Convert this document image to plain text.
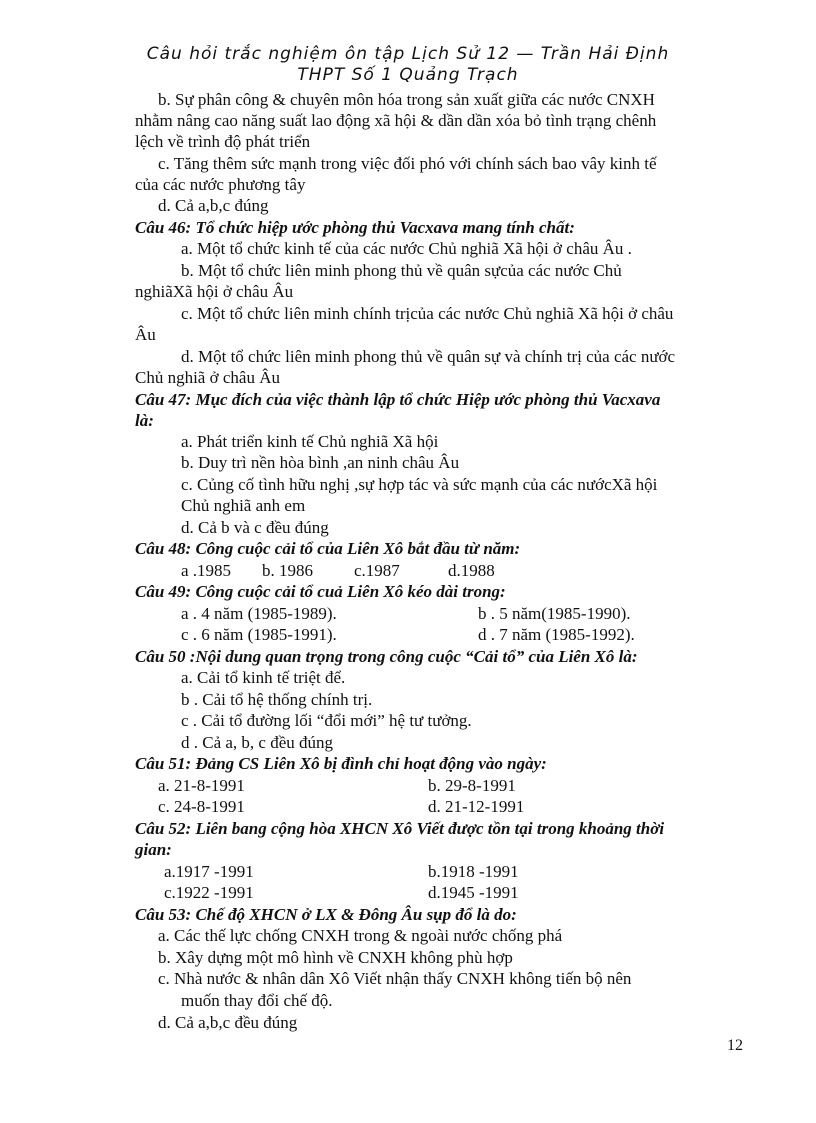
Câu hỏi trắc nghiệm ôn tập Lịch Sử 12 — Trần Hải Định
THPT Số 1 Quảng Trạch
b. Sự phân công & chuyên môn hóa trong sản xuất giữa các nước CNXH
nhằm nâng cao năng suất lao động xã hội & dần dần xóa bỏ tình trạng chênh
lệch về trình độ phát triển
c. Tăng thêm sức mạnh trong việc đối phó với chính sách bao vây kinh tế
của các nước phương tây
d. Cả a,b,c đúng
Câu 46: Tổ chức hiệp ước phòng thủ Vacxava mang tính chất:
a. Một tổ chức kinh tế của các nước Chủ nghiã Xã hội ở châu Âu .
b. Một tổ chức liên minh phong thủ về quân sựcủa các nước Chủ
nghiãXã hội ở châu Âu
c. Một tổ chức liên minh chính trịcủa các nước Chủ nghiã Xã hội ở châu
Âu
d. Một tổ chức liên minh phong thủ về quân sự và chính trị của các nước
Chủ nghiã ở châu Âu
Câu 47: Mục đích của việc thành lập tổ chức Hiệp ước phòng thủ Vacxava
là:
a. Phát triển kinh tế Chủ nghiã Xã hội
b. Duy trì nền hòa bình ,an ninh châu Âu
c. Củng cố tình hữu nghị ,sự hợp tác và sức mạnh của các nướcXã hội
Chủ nghiã anh em
d. Cả b và c đều đúng
Câu 48: Công cuộc cải tổ của Liên Xô bắt đầu từ năm:
a .1985 b. 1986 c.1987	d.1988
Câu 49: Công cuộc cải tổ cuả Liên Xô kéo dài trong:
a . 4 năm (1985-1989).	b . 5 năm(1985-1990).
c . 6 năm (1985-1991).	d . 7 năm (1985-1992).
Câu 50 :Nội dung quan trọng trong công cuộc “Cải tổ” của Liên Xô là:
a. Cải tổ kinh tế triệt để.
b . Cải tổ hệ thống chính trị.
c . Cải tổ đường lối “đổi mới” hệ tư tưởng.
d . Cả a, b, c đều đúng
Câu 51: Đảng CS Liên Xô bị đình chỉ hoạt động vào ngày:
a. 21-8-1991	b. 29-8-1991
c. 24-8-1991	d. 21-12-1991
Câu 52: Liên bang cộng hòa XHCN Xô Viết được tồn tại trong khoảng thời
gian:
a.1917 -1991	b.1918 -1991
c.1922 -1991	d.1945 -1991
Câu 53: Chế độ XHCN ở LX & Đông Âu sụp đổ là do:
a. Các thế lực chống CNXH trong & ngoài nước chống phá
b. Xây dựng một mô hình về CNXH không phù hợp
c. Nhà nước & nhân dân Xô Viết nhận thấy CNXH không tiến bộ nên
muốn thay đổi chế độ.
d. Cả a,b,c đều đúng
12
